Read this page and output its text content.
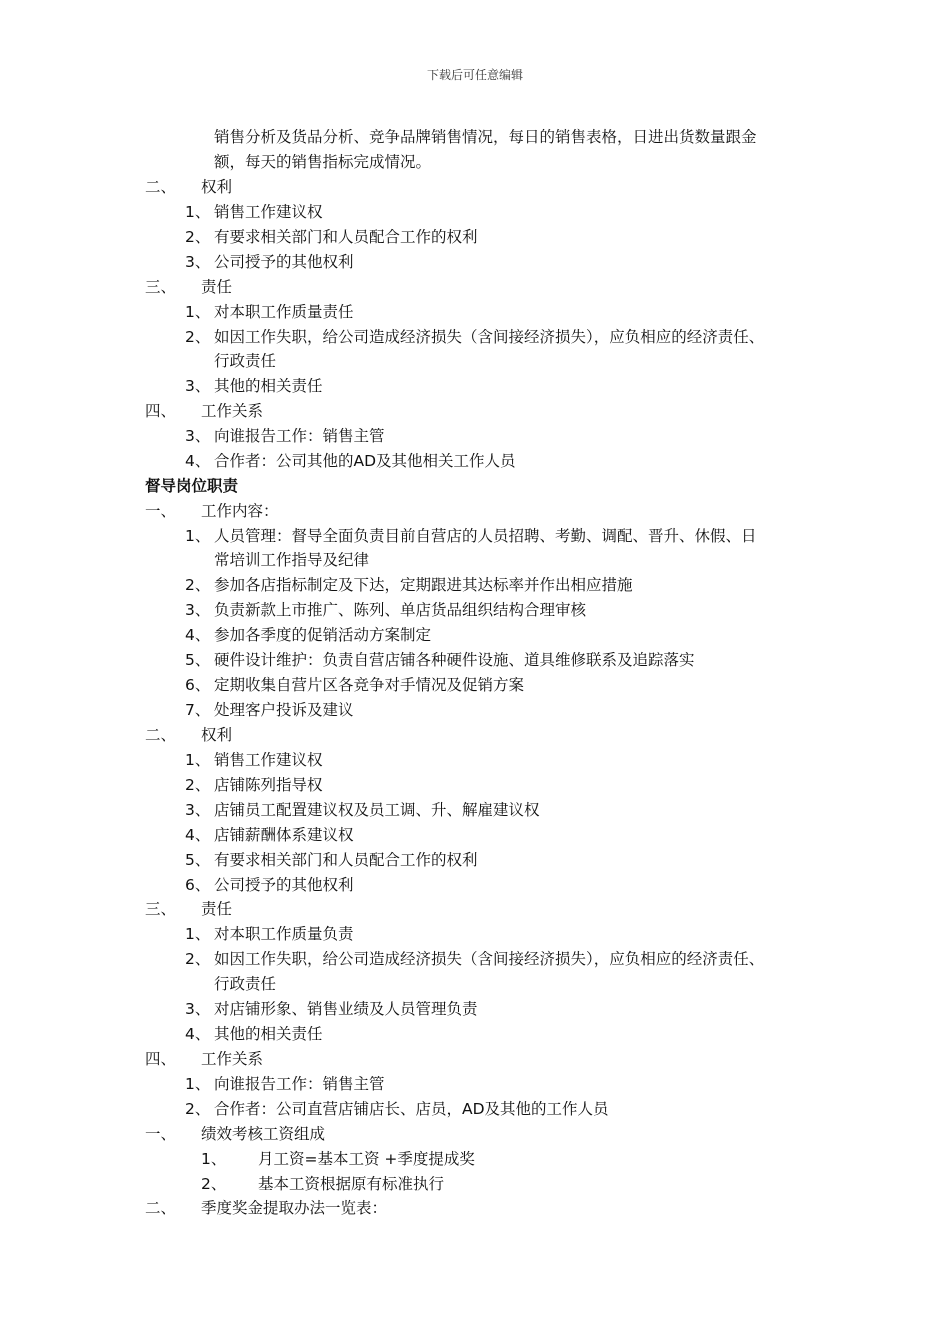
下载后可任意编辑
销售分析及货品分析、竞争品牌销售情况，每日的销售表格，日进出货数量跟金
额，每天的销售指标完成情况。
二、 权利
1、 销售工作建议权
2、 有要求相关部门和人员配合工作的权利
3、 公司授予的其他权利
三、 责任
1、 对本职工作质量责任
2、 如因工作失职，给公司造成经济损失（含间接经济损失），应负相应的经济责任、
行政责任
3、 其他的相关责任
四、 工作关系
3、 向谁报告工作：销售主管
4、 合作者：公司其他的AD及其他相关工作人员
督导岗位职责
一、 工作内容：
1、 人员管理：督导全面负责目前自营店的人员招聘、考勤、调配、晋升、休假、日
常培训工作指导及纪律
2、 参加各店指标制定及下达，定期跟进其达标率并作出相应措施
3、 负责新款上市推广、陈列、单店货品组织结构合理审核
4、 参加各季度的促销活动方案制定
5、 硬件设计维护：负责自营店铺各种硬件设施、道具维修联系及追踪落实
6、 定期收集自营片区各竞争对手情况及促销方案
7、 处理客户投诉及建议
二、 权利
1、 销售工作建议权
2、 店铺陈列指导权
3、 店铺员工配置建议权及员工调、升、解雇建议权
4、 店铺薪酬体系建议权
5、 有要求相关部门和人员配合工作的权利
6、 公司授予的其他权利
三、 责任
1、 对本职工作质量负责
2、 如因工作失职，给公司造成经济损失（含间接经济损失），应负相应的经济责任、
行政责任
3、 对店铺形象、销售业绩及人员管理负责
4、 其他的相关责任
四、 工作关系
1、 向谁报告工作：销售主管
2、 合作者：公司直营店铺店长、店员，AD及其他的工作人员
一、 绩效考核工资组成
1、 月工资=基本工资 +季度提成奖
2、 基本工资根据原有标准执行
二、 季度奖金提取办法一览表：
